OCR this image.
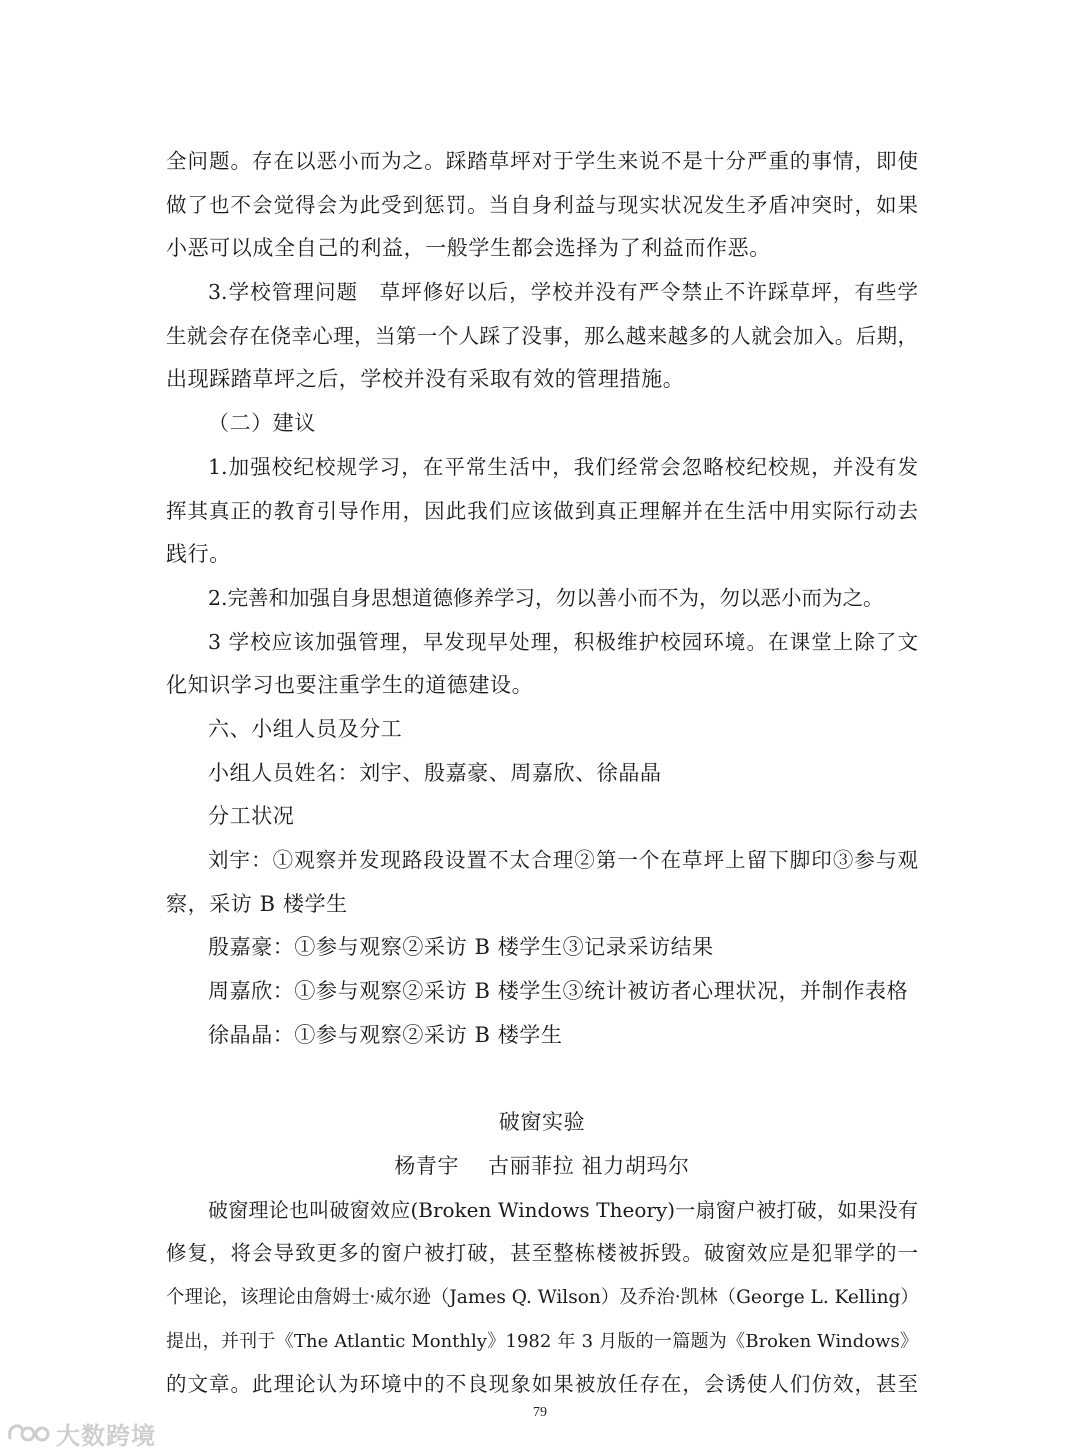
全问题。存在以恶小而为之。踩踏草坪对于学生来说不是十分严重的事情，即使
做了也不会觉得会为此受到惩罚。当自身利益与现实状况发生矛盾冲突时，如果
小恶可以成全自己的利益，一般学生都会选择为了利益而作恶。
3.学校管理问题　草坪修好以后，学校并没有严令禁止不许踩草坪，有些学
生就会存在侥幸心理，当第一个人踩了没事，那么越来越多的人就会加入。后期，
出现踩踏草坪之后，学校并没有采取有效的管理措施。
（二）建议
1.加强校纪校规学习，在平常生活中，我们经常会忽略校纪校规，并没有发
挥其真正的教育引导作用，因此我们应该做到真正理解并在生活中用实际行动去
践行。
2.完善和加强自身思想道德修养学习，勿以善小而不为，勿以恶小而为之。
3 学校应该加强管理，早发现早处理，积极维护校园环境。在课堂上除了文
化知识学习也要注重学生的道德建设。
六、小组人员及分工
小组人员姓名：刘宇、殷嘉豪、周嘉欣、徐晶晶
分工状况
刘宇：①观察并发现路段设置不太合理②第一个在草坪上留下脚印③参与观
察，采访 B 楼学生
殷嘉豪：①参与观察②采访 B 楼学生③记录采访结果
周嘉欣：①参与观察②采访 B 楼学生③统计被访者心理状况，并制作表格
徐晶晶：①参与观察②采访 B 楼学生
破窗实验
杨青宇　 古丽菲拉 祖力胡玛尔
破窗理论也叫破窗效应(Broken Windows Theory)一扇窗户被打破，如果没有
修复，将会导致更多的窗户被打破，甚至整栋楼被拆毁。破窗效应是犯罪学的一
个理论，该理论由詹姆士·威尔逊（James Q. Wilson）及乔治·凯林（George L. Kelling）
提出，并刊于《The Atlantic Monthly》1982 年 3 月版的一篇题为《Broken Windows》
的文章。此理论认为环境中的不良现象如果被放任存在，会诱使人们仿效，甚至
79
大数跨境
